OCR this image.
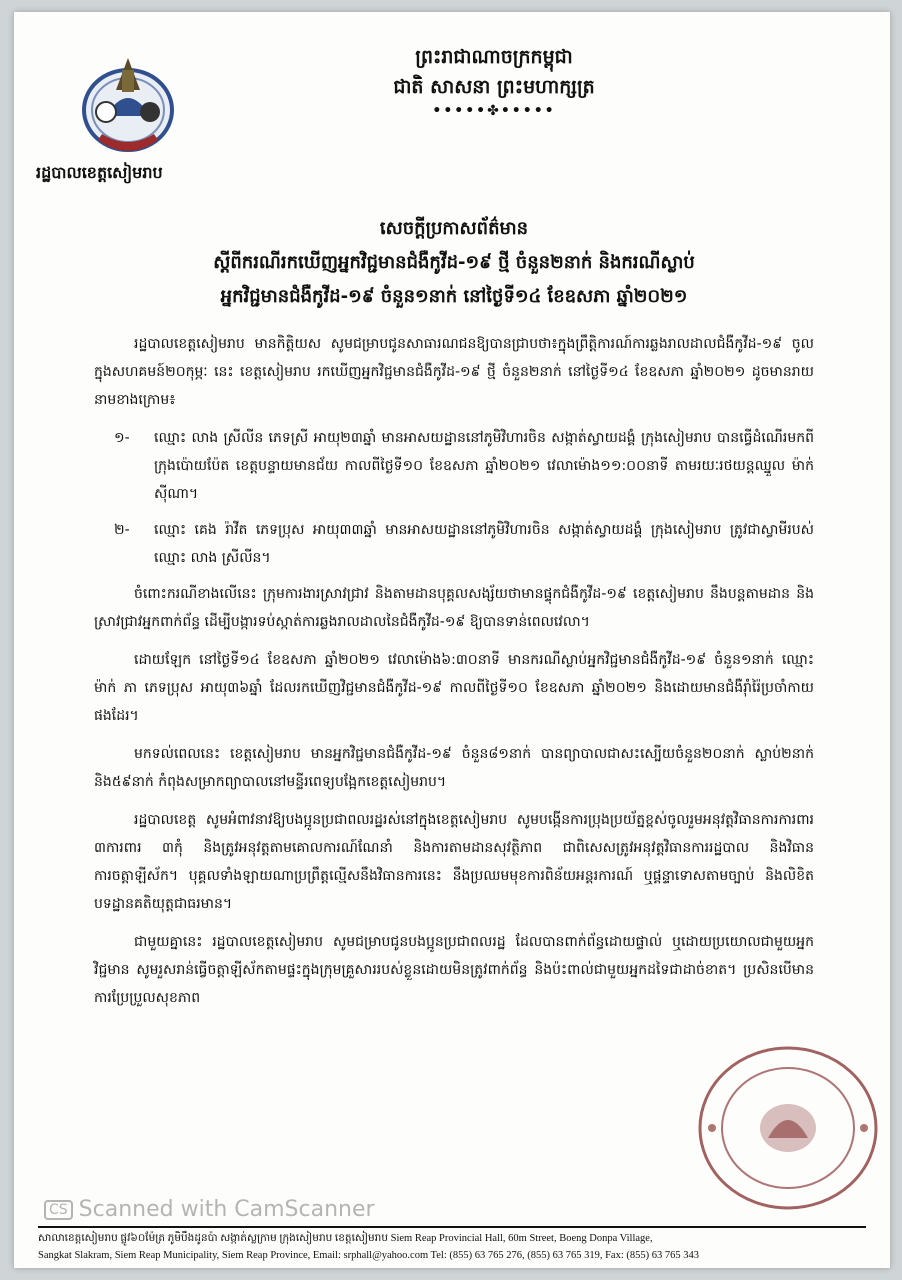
រដ្ឋបាលខេត្តសៀមរាប
ព្រះរាជាណាចក្រកម្ពុជា
ជាតិ សាសនា ព្រះមហាក្សត្រ
•••••✤•••••
សេចក្តីប្រកាសព័ត៌មាន
ស្តីពីករណីរកឃើញអ្នកវិជ្ជមានជំងឺកូវីដ-១៩ ថ្មី ចំនួន២នាក់ និងករណីស្លាប់
អ្នកវិជ្ជមានជំងឺកូវីដ-១៩ ចំនួន១នាក់ នៅថ្ងៃទី១៤ ខែឧសភា ឆ្នាំ២០២១

រដ្ឋបាលខេត្តសៀមរាប មានកិត្តិយស សូមជម្រាបជូនសាធារណជនឱ្យបានជ្រាបថា៖ក្នុងព្រឹត្តិការណ៍ការឆ្លងរាលដាលជំងឺកូវីដ-១៩ ចូលក្នុងសហគមន៍២០កុម្ភៈ នេះ ខេត្តសៀមរាប រកឃើញអ្នកវិជ្ជមានជំងឺកូវីដ-១៩ ថ្មី ចំនួន២នាក់ នៅថ្ងៃទី១៤ ខែឧសភា ឆ្នាំ២០២១ ដូចមានរាយនាមខាងក្រោម៖

១-	ឈ្មោះ លាង ស្រីលីន ភេទស្រី អាយុ២៣ឆ្នាំ មានអាសយដ្ឋាននៅភូមិវិហារចិន សង្កាត់ស្វាយដង្គំ ក្រុងសៀមរាប បានធ្វើដំណើរមកពីក្រុងប៉ោយប៉ែត ខេត្តបន្ទាយមានជ័យ កាលពីថ្ងៃទី១០ ខែឧសភា ឆ្នាំ២០២១ វេលាម៉ោង១១:០០នាទី តាមរយៈរថយន្តឈ្នួល ម៉ាក់ ស៊ីណា។
២-	ឈ្មោះ គេង រ៉ាវីត ភេទប្រុស អាយុ៣៣ឆ្នាំ មានអាសយដ្ឋាននៅភូមិវិហារចិន សង្កាត់ស្វាយដង្គំ ក្រុងសៀមរាប ត្រូវជាស្វាមីរបស់ឈ្មោះ លាង ស្រីលីន។

ចំពោះករណីខាងលើនេះ ក្រុមការងារស្រាវជ្រាវ និងតាមដានបុគ្គលសង្ស័យថាមានផ្ទុកជំងឺកូវីដ-១៩ ខេត្តសៀមរាប នឹងបន្តតាមដាន និងស្រាវជ្រាវអ្នកពាក់ព័ន្ធ ដើម្បីបង្ការទប់ស្កាត់ការឆ្លងរាលដាលនៃជំងឺកូវីដ-១៩ ឱ្យបានទាន់ពេលវេលា។

ដោយឡែក នៅថ្ងៃទី១៤ ខែឧសភា ឆ្នាំ២០២១ វេលាម៉ោង៦:៣០នាទី មានករណីស្លាប់អ្នកវិជ្ជមានជំងឺកូវីដ-១៩ ចំនួន១នាក់ ឈ្មោះ ម៉ាក់ ភា ភេទប្រុស អាយុ៣៦ឆ្នាំ ដែលរកឃើញវិជ្ជមានជំងឺកូវីដ-១៩ កាលពីថ្ងៃទី១០ ខែឧសភា ឆ្នាំ២០២១ និងដោយមានជំងឺរ៉ាំរ៉ៃប្រចាំកាយផងដែរ។

មកទល់ពេលនេះ ខេត្តសៀមរាប មានអ្នកវិជ្ជមានជំងឺកូវីដ-១៩ ចំនួន៨១នាក់ បានព្យាបាលជាសះស្បើយចំនួន២០នាក់ ស្លាប់២នាក់ និង៥៩នាក់ កំពុងសម្រាកព្យាបាលនៅមន្ទីរពេទ្យបង្អែកខេត្តសៀមរាប។

រដ្ឋបាលខេត្ត សូមអំពាវនាវឱ្យបងប្អូនប្រជាពលរដ្ឋរស់នៅក្នុងខេត្តសៀមរាប សូមបង្កើនការប្រុងប្រយ័ត្នខ្ពស់ចូលរួមអនុវត្តវិធានការការពារ ៣ការពារ ៣កុំ និងត្រូវអនុវត្តតាមគោលការណ៍ណែនាំ និងការតាមដានសុវត្ថិភាព ជាពិសេសត្រូវអនុវត្តវិធានការរដ្ឋបាល និងវិធានការចត្តាឡីស័ក។ បុគ្គលទាំងឡាយណាប្រព្រឹត្តល្មើសនឹងវិធានការនេះ នឹងប្រឈមមុខការពិន័យអន្តរការណ៍ ឬផ្តន្ទាទោសតាមច្បាប់ និងលិខិតបទដ្ឋានគតិយុត្តជាធរមាន។

ជាមួយគ្នានេះ រដ្ឋបាលខេត្តសៀមរាប សូមជម្រាបជូនបងប្អូនប្រជាពលរដ្ឋ ដែលបានពាក់ព័ន្ធដោយផ្ទាល់ ឬដោយប្រយោលជាមួយអ្នកវិជ្ជមាន សូមរួសរាន់ធ្វើចត្តាឡីស័កតាមផ្ទះក្នុងក្រុមគ្រួសាររបស់ខ្លួនដោយមិនត្រូវពាក់ព័ន្ធ និងប៉ះពាល់ជាមួយអ្នកដទៃជាដាច់ខាត។ ប្រសិនបើមានការប្រែប្រួលសុខភាព

CS Scanned with CamScanner
សាលាខេត្តសៀមរាប ផ្លូវ៦០ម៉ែត្រ ភូមិបឹងដូនប៉ា សង្កាត់ស្លក្រាម ក្រុងសៀមរាប ខេត្តសៀមរាប Siem Reap Provincial Hall, 60m Street, Boeng Donpa Village,
Sangkat Slakram, Siem Reap Municipality, Siem Reap Province, Email: srphall@yahoo.com Tel: (855) 63 765 276, (855) 63 765 319, Fax: (855) 63 765 343
